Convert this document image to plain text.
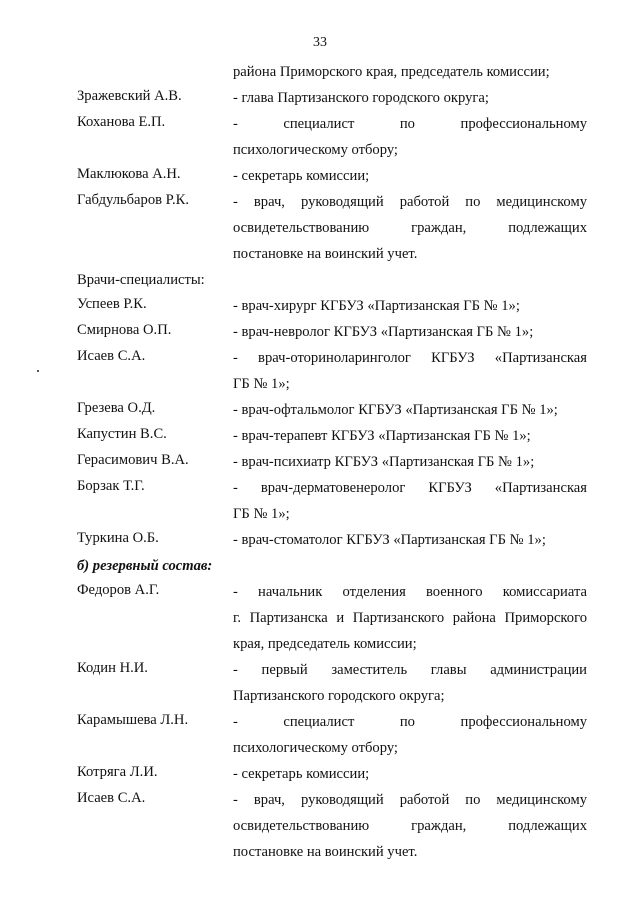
33
района Приморского края, председатель комиссии;
Зражевский А.В.	- глава Партизанского городского округа;
Коханова Е.П.	- специалист по профессиональному
психологическому отбору;
Маклюкова А.Н.	- секретарь комиссии;
Габдульбаров Р.К.	- врач, руководящий работой по медицинскому
освидетельствованию граждан, подлежащих
постановке на воинский учет.
Врачи-специалисты:
Успеев Р.К.	- врач-хирург КГБУЗ «Партизанская ГБ № 1»;
Смирнова О.П.	- врач-невролог КГБУЗ «Партизанская ГБ № 1»;
Исаев С.А.	- врач-оториноларинголог КГБУЗ «Партизанская
ГБ № 1»;
Грезева О.Д.	- врач-офтальмолог КГБУЗ «Партизанская ГБ № 1»;
Капустин В.С.	- врач-терапевт КГБУЗ «Партизанская ГБ № 1»;
Герасимович В.А.	- врач-психиатр КГБУЗ «Партизанская ГБ № 1»;
Борзак Т.Г.	- врач-дерматовенеролог КГБУЗ «Партизанская
ГБ № 1»;
Туркина О.Б.	- врач-стоматолог КГБУЗ «Партизанская ГБ № 1»;
б) резервный состав:
Федоров А.Г.	- начальник отделения военного комиссариата
г. Партизанска и Партизанского района Приморского
края, председатель комиссии;
Кодин Н.И.	- первый заместитель главы администрации
Партизанского городского округа;
Карамышева Л.Н.	- специалист по профессиональному
психологическому отбору;
Котряга Л.И.	- секретарь комиссии;
Исаев С.А.	- врач, руководящий работой по медицинскому
освидетельствованию граждан, подлежащих
постановке на воинский учет.
